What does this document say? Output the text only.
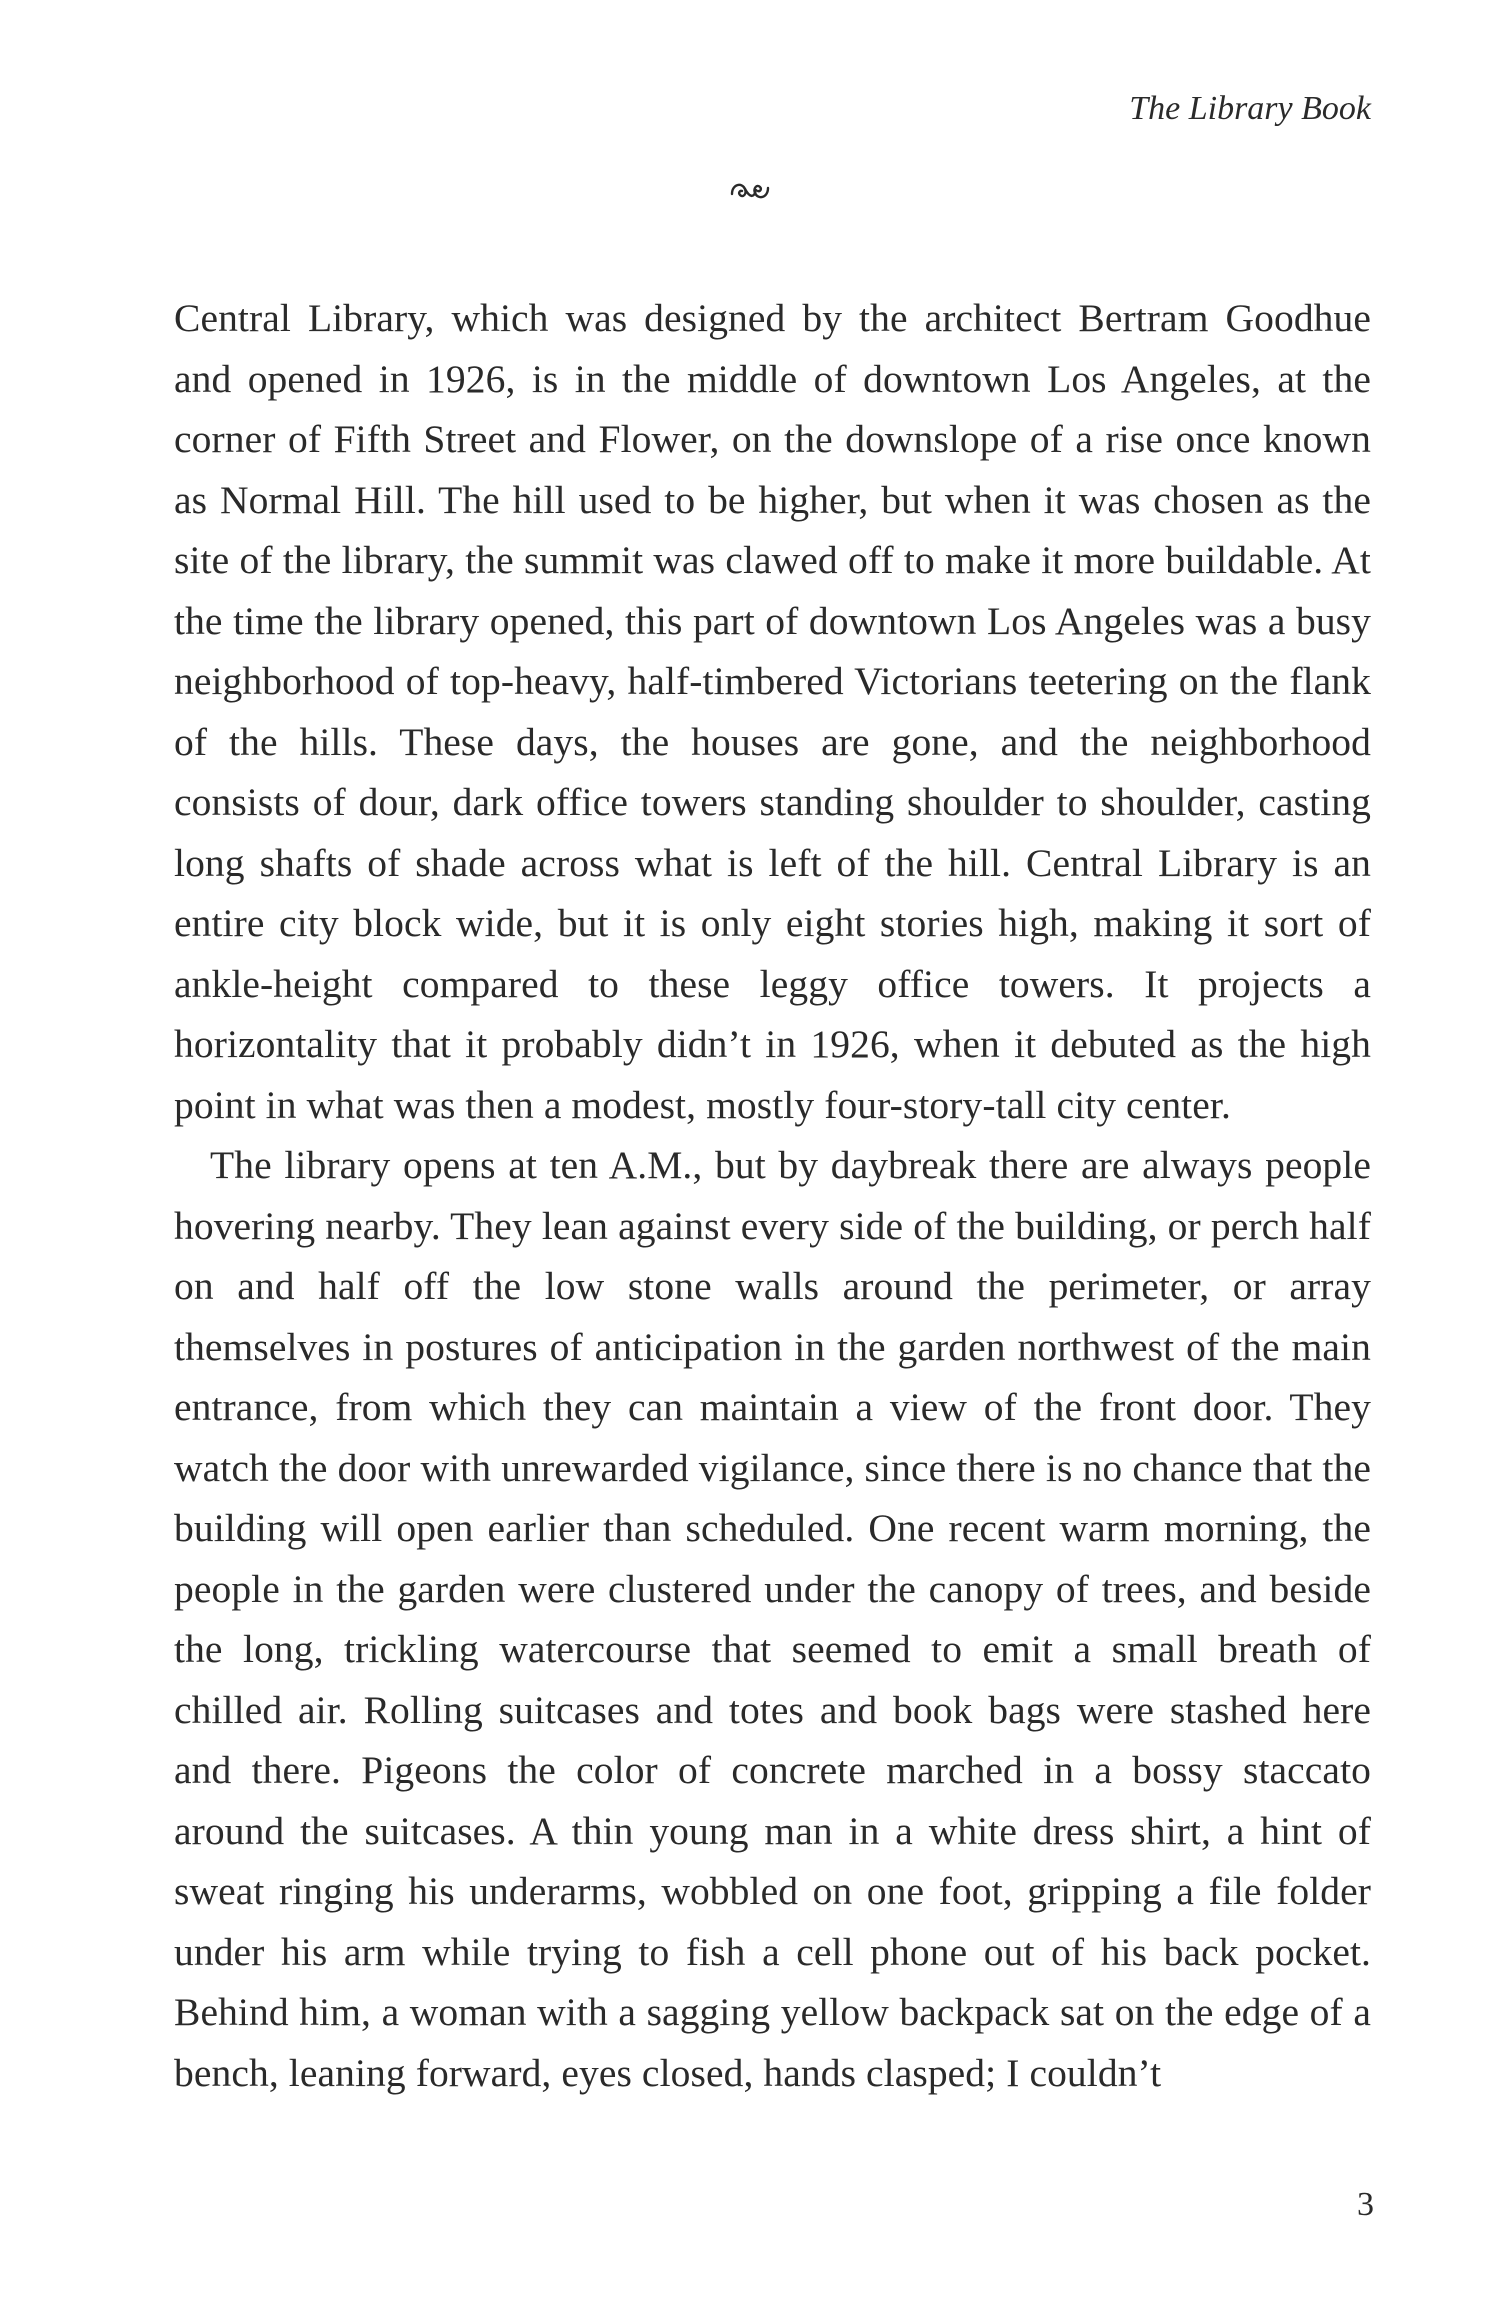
The Library Book

Central Library, which was designed by the architect Bertram Goodhue and opened in 1926, is in the middle of downtown Los Angeles, at the corner of Fifth Street and Flower, on the downslope of a rise once known as Normal Hill. The hill used to be higher, but when it was chosen as the site of the library, the summit was clawed off to make it more buildable. At the time the library opened, this part of downtown Los Angeles was a busy neighborhood of top-heavy, half-timbered Victorians teetering on the flank of the hills. These days, the houses are gone, and the neighborhood consists of dour, dark office towers standing shoulder to shoulder, casting long shafts of shade across what is left of the hill. Central Library is an entire city block wide, but it is only eight stories high, making it sort of ankle-height compared to these leggy office towers. It projects a horizontality that it probably didn’t in 1926, when it debuted as the high point in what was then a modest, mostly four-story-tall city center.

The library opens at ten A.M., but by daybreak there are always people hovering nearby. They lean against every side of the building, or perch half on and half off the low stone walls around the perimeter, or array themselves in postures of anticipation in the garden northwest of the main entrance, from which they can maintain a view of the front door. They watch the door with unrewarded vigilance, since there is no chance that the building will open earlier than scheduled. One recent warm morning, the people in the garden were clustered under the canopy of trees, and beside the long, trickling watercourse that seemed to emit a small breath of chilled air. Rolling suitcases and totes and book bags were stashed here and there. Pigeons the color of concrete marched in a bossy staccato around the suitcases. A thin young man in a white dress shirt, a hint of sweat ringing his underarms, wobbled on one foot, gripping a file folder under his arm while trying to fish a cell phone out of his back pocket. Behind him, a woman with a sagging yellow backpack sat on the edge of a bench, leaning forward, eyes closed, hands clasped; I couldn’t

3
